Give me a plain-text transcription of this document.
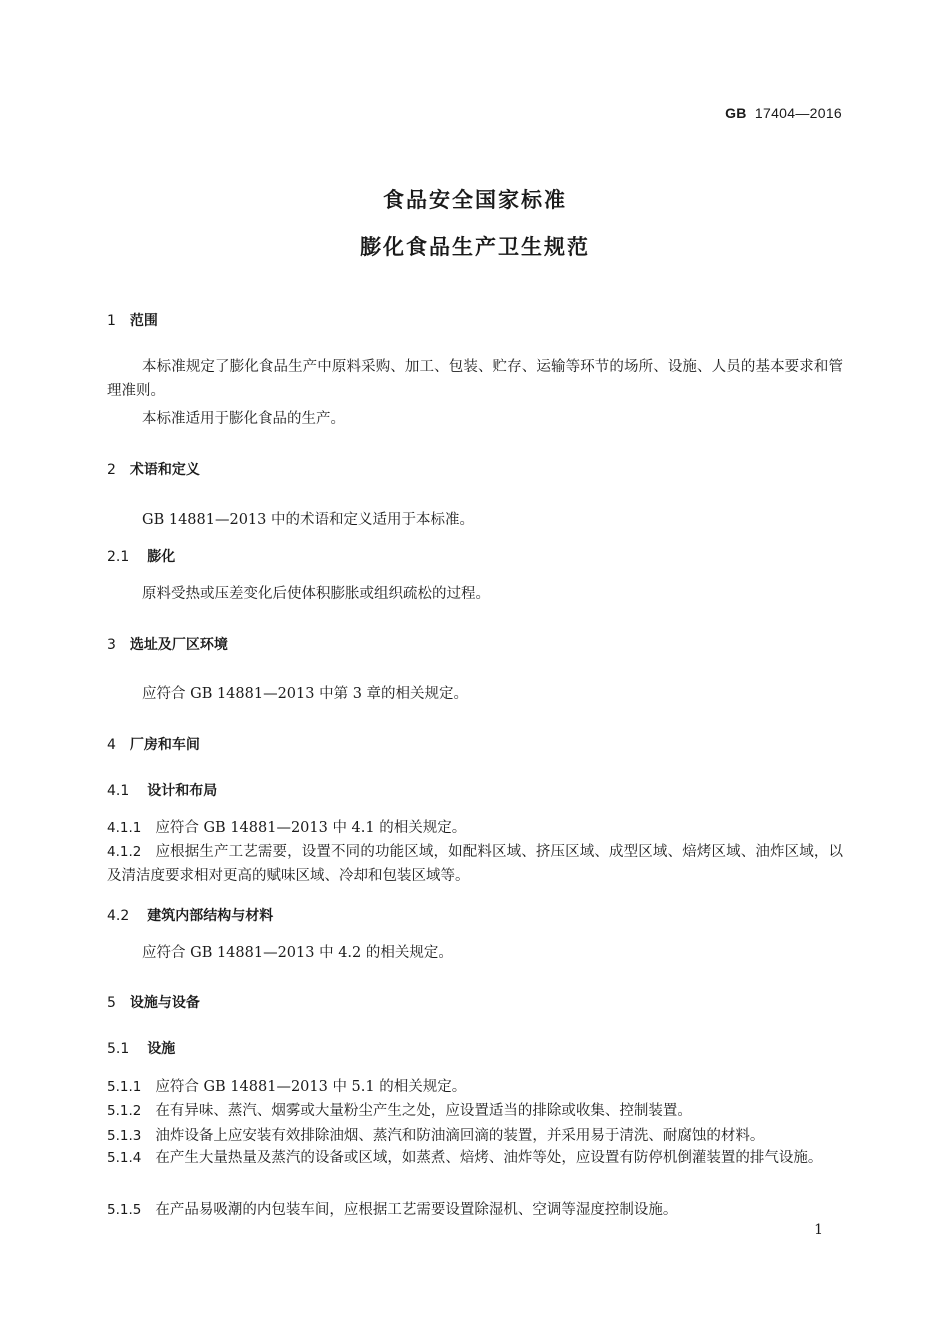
GB 17404—2016
食品安全国家标准
膨化食品生产卫生规范
1 范围
本标准规定了膨化食品生产中原料采购、加工、包装、贮存、运输等环节的场所、设施、人员的基本要求和管理准则。
本标准适用于膨化食品的生产。
2 术语和定义
GB 14881—2013 中的术语和定义适用于本标准。
2.1 膨化
原料受热或压差变化后使体积膨胀或组织疏松的过程。
3 选址及厂区环境
应符合 GB 14881—2013 中第 3 章的相关规定。
4 厂房和车间
4.1 设计和布局
4.1.1 应符合 GB 14881—2013 中 4.1 的相关规定。
4.1.2 应根据生产工艺需要，设置不同的功能区域，如配料区域、挤压区域、成型区域、焙烤区域、油炸区域，以及清洁度要求相对更高的赋味区域、冷却和包装区域等。
4.2 建筑内部结构与材料
应符合 GB 14881—2013 中 4.2 的相关规定。
5 设施与设备
5.1 设施
5.1.1 应符合 GB 14881—2013 中 5.1 的相关规定。
5.1.2 在有异味、蒸汽、烟雾或大量粉尘产生之处，应设置适当的排除或收集、控制装置。
5.1.3 油炸设备上应安装有效排除油烟、蒸汽和防油滴回滴的装置，并采用易于清洗、耐腐蚀的材料。
5.1.4 在产生大量热量及蒸汽的设备或区域，如蒸煮、焙烤、油炸等处，应设置有防停机倒灌装置的排气设施。
5.1.5 在产品易吸潮的内包装车间，应根据工艺需要设置除湿机、空调等湿度控制设施。
1
